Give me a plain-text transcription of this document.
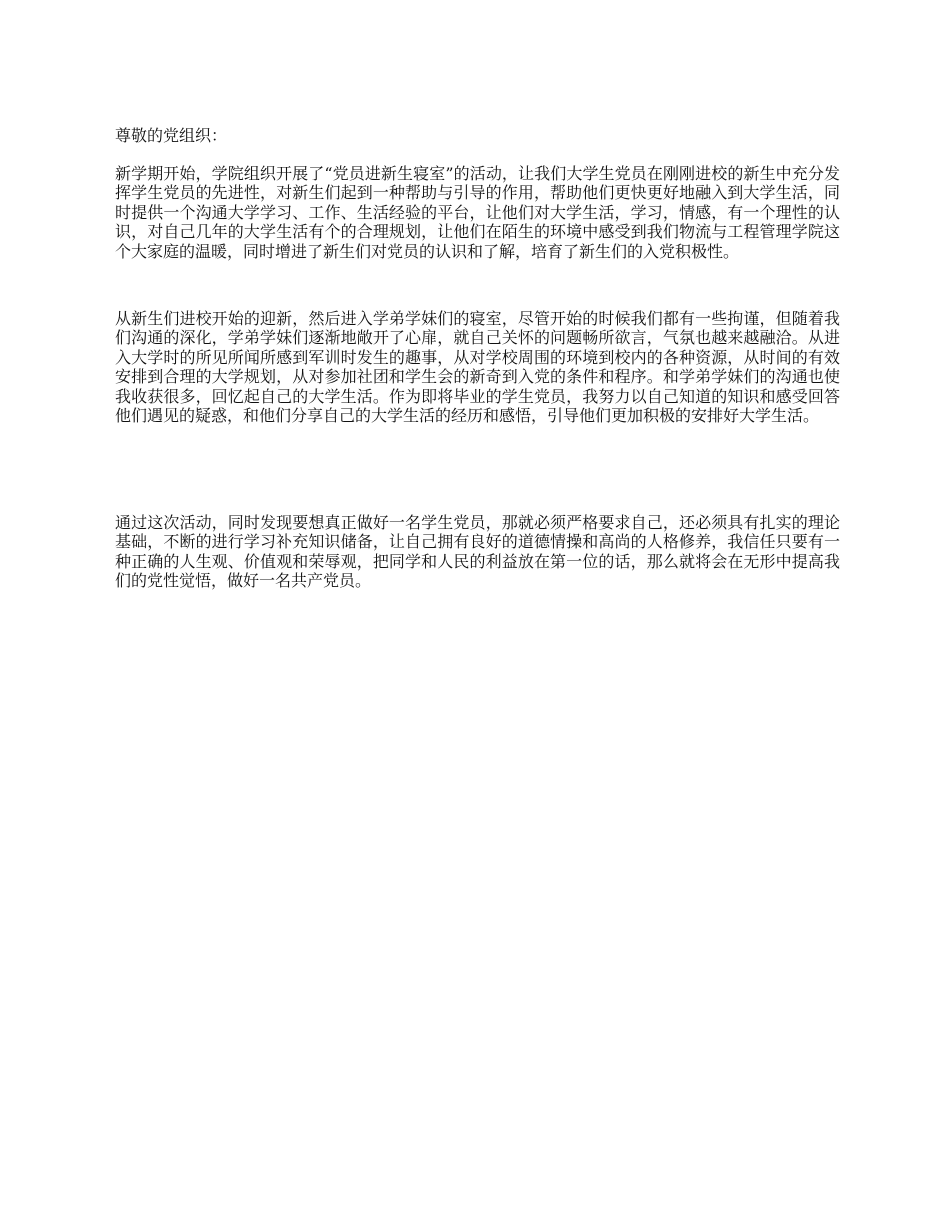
尊敬的党组织：

新学期开始，学院组织开展了“党员进新生寝室”的活动，让我们大学生党员在刚刚进校的新生中充分发挥学生党员的先进性，对新生们起到一种帮助与引导的作用，帮助他们更快更好地融入到大学生活，同时提供一个沟通大学学习、工作、生活经验的平台，让他们对大学生活，学习，情感，有一个理性的认识，对自己几年的大学生活有个的合理规划，让他们在陌生的环境中感受到我们物流与工程管理学院这个大家庭的温暖，同时增进了新生们对党员的认识和了解，培育了新生们的入党积极性。

从新生们进校开始的迎新，然后进入学弟学妹们的寝室，尽管开始的时候我们都有一些拘谨，但随着我们沟通的深化，学弟学妹们逐渐地敞开了心扉，就自己关怀的问题畅所欲言，气氛也越来越融洽。从进入大学时的所见所闻所感到军训时发生的趣事，从对学校周围的环境到校内的各种资源，从时间的有效安排到合理的大学规划，从对参加社团和学生会的新奇到入党的条件和程序。和学弟学妹们的沟通也使我收获很多，回忆起自己的大学生活。作为即将毕业的学生党员，我努力以自己知道的知识和感受回答他们遇见的疑惑，和他们分享自己的大学生活的经历和感悟，引导他们更加积极的安排好大学生活。

通过这次活动，同时发现要想真正做好一名学生党员，那就必须严格要求自己，还必须具有扎实的理论基础，不断的进行学习补充知识储备，让自己拥有良好的道德情操和高尚的人格修养，我信任只要有一种正确的人生观、价值观和荣辱观，把同学和人民的利益放在第一位的话，那么就将会在无形中提高我们的党性觉悟，做好一名共产党员。
